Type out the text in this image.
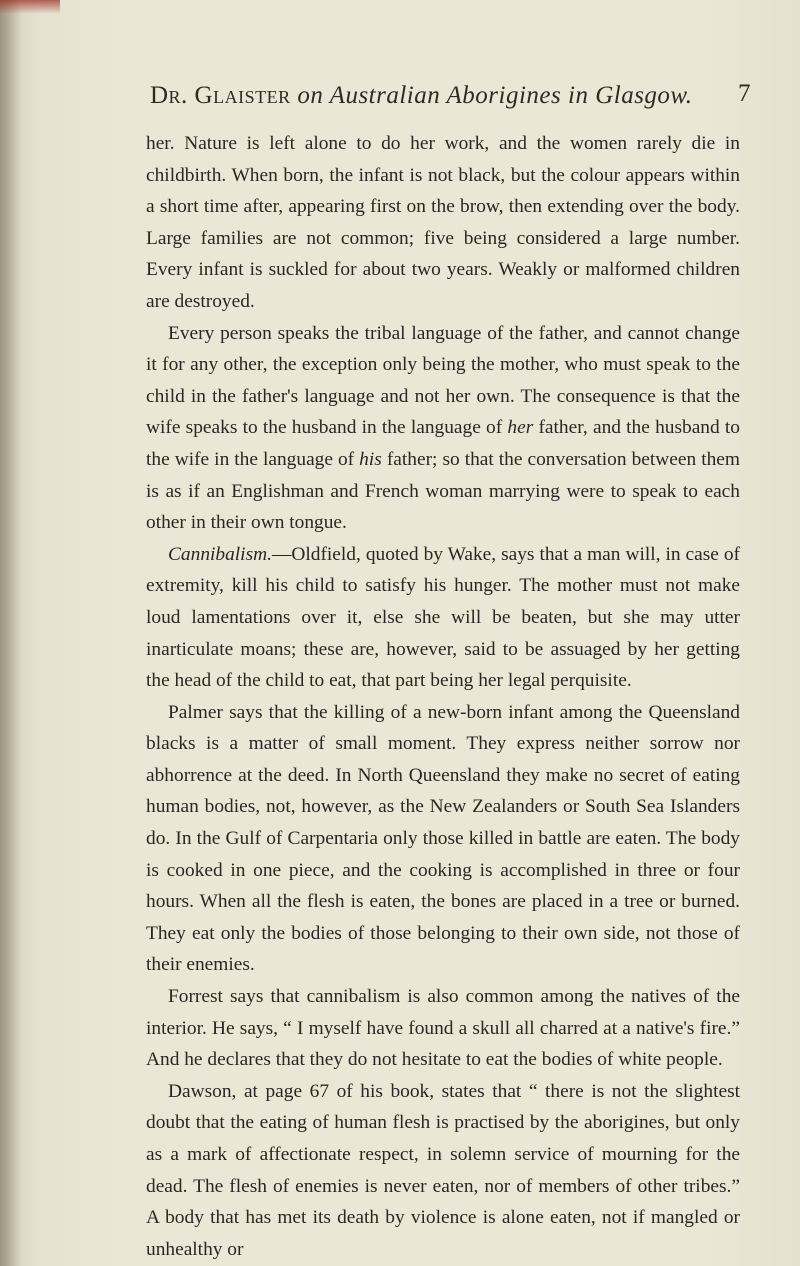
Dr. Glaister on Australian Aborigines in Glasgow.	7

her. Nature is left alone to do her work, and the women rarely die in childbirth. When born, the infant is not black, but the colour appears within a short time after, appearing first on the brow, then extending over the body. Large families are not common; five being considered a large number. Every infant is suckled for about two years. Weakly or malformed children are destroyed.

Every person speaks the tribal language of the father, and cannot change it for any other, the exception only being the mother, who must speak to the child in the father's language and not her own. The consequence is that the wife speaks to the husband in the language of her father, and the husband to the wife in the language of his father; so that the conversation between them is as if an Englishman and French woman marrying were to speak to each other in their own tongue.

Cannibalism.—Oldfield, quoted by Wake, says that a man will, in case of extremity, kill his child to satisfy his hunger. The mother must not make loud lamentations over it, else she will be beaten, but she may utter inarticulate moans; these are, however, said to be assuaged by her getting the head of the child to eat, that part being her legal perquisite.

Palmer says that the killing of a new-born infant among the Queensland blacks is a matter of small moment. They express neither sorrow nor abhorrence at the deed. In North Queensland they make no secret of eating human bodies, not, however, as the New Zealanders or South Sea Islanders do. In the Gulf of Carpentaria only those killed in battle are eaten. The body is cooked in one piece, and the cooking is accomplished in three or four hours. When all the flesh is eaten, the bones are placed in a tree or burned. They eat only the bodies of those belonging to their own side, not those of their enemies.

Forrest says that cannibalism is also common among the natives of the interior. He says, “ I myself have found a skull all charred at a native's fire.” And he declares that they do not hesitate to eat the bodies of white people.

Dawson, at page 67 of his book, states that “ there is not the slightest doubt that the eating of human flesh is practised by the aborigines, but only as a mark of affectionate respect, in solemn service of mourning for the dead. The flesh of enemies is never eaten, nor of members of other tribes.” A body that has met its death by violence is alone eaten, not if mangled or unhealthy or
